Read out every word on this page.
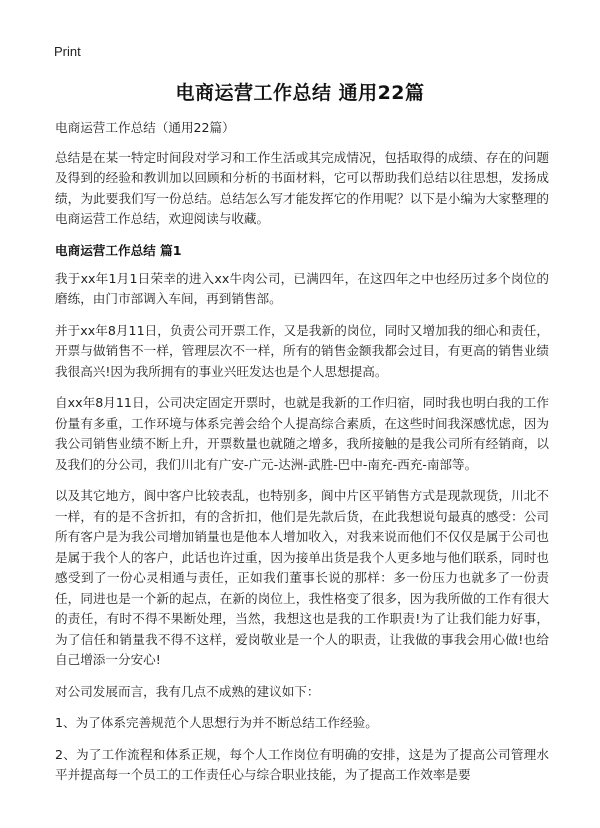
Print
电商运营工作总结 通用22篇

电商运营工作总结（通用22篇）

总结是在某一特定时间段对学习和工作生活或其完成情况，包括取得的成绩、存在的问题及得到的经验和教训加以回顾和分析的书面材料，它可以帮助我们总结以往思想，发扬成绩，为此要我们写一份总结。总结怎么写才能发挥它的作用呢？以下是小编为大家整理的电商运营工作总结，欢迎阅读与收藏。

电商运营工作总结 篇1

我于xx年1月1日荣幸的进入xx牛肉公司，已满四年，在这四年之中也经历过多个岗位的磨练，由门市部调入车间，再到销售部。

并于xx年8月11日，负责公司开票工作，又是我新的岗位，同时又增加我的细心和责任，开票与做销售不一样，管理层次不一样，所有的销售金额我都会过目，有更高的销售业绩我很高兴!因为我所拥有的事业兴旺发达也是个人思想提高。

自xx年8月11日，公司决定固定开票时，也就是我新的工作归宿，同时我也明白我的工作份量有多重，工作环境与体系完善会给个人提高综合素质，在这些时间我深感忧虑，因为我公司销售业绩不断上升，开票数量也就随之增多，我所接触的是我公司所有经销商，以及我们的分公司，我们川北有广安-广元-达洲-武胜-巴中-南充-西充-南部等。

以及其它地方，阆中客户比较表乱，也特别多，阆中片区平销售方式是现款现货，川北不一样，有的是不含折扣，有的含折扣，他们是先款后货，在此我想说句最真的感受：公司所有客户是为我公司增加销量也是他本人增加收入，对我来说而他们不仅仅是属于公司也是属于我个人的客户，此话也许过重，因为接单出货是我个人更多地与他们联系，同时也感受到了一份心灵相通与责任，正如我们董事长说的那样：多一份压力也就多了一份责任，同进也是一个新的起点，在新的岗位上，我性格变了很多，因为我所做的工作有很大的责任，有时不得不果断处理，当然，我想这也是我的工作职责!为了让我们能力好事，为了信任和销量我不得不这样，爱岗敬业是一个人的职责，让我做的事我会用心做!也给自己增添一分安心!

对公司发展而言，我有几点不成熟的建议如下：

1、为了体系完善规范个人思想行为并不断总结工作经验。

2、为了工作流程和体系正规，每个人工作岗位有明确的安排，这是为了提高公司管理水平并提高每一个员工的工作责任心与综合职业技能，为了提高工作效率是要
